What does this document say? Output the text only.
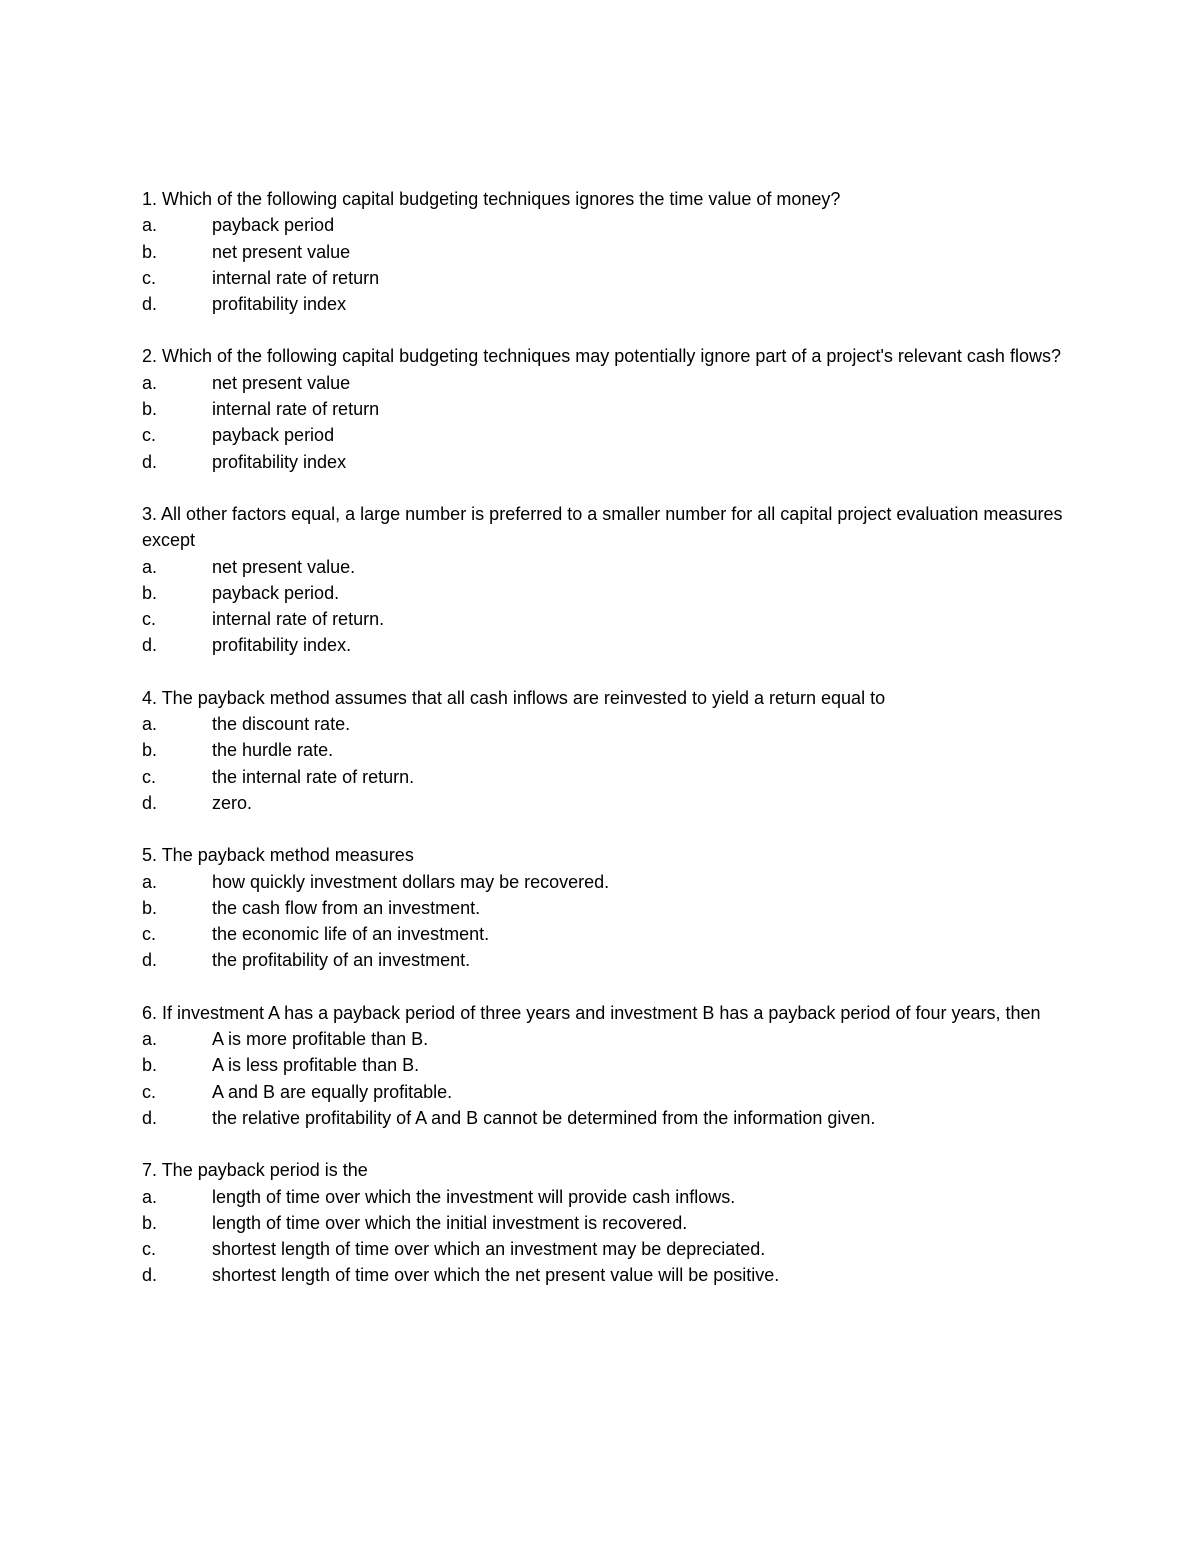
1. Which of the following capital budgeting techniques ignores the time value of money?

a.	payback period
b.	net present value
c.	internal rate of return
d.	profitability index

2. Which of the following capital budgeting techniques may potentially ignore part of a project's relevant cash flows?

a.	net present value
b.	internal rate of return
c.	payback period
d.	profitability index

3. All other factors equal, a large number is preferred to a smaller number for all capital project evaluation measures except

a.	net present value.
b.	payback period.
c.	internal rate of return.
d.	profitability index.

4. The payback method assumes that all cash inflows are reinvested to yield a return equal to

a.	the discount rate.
b.	the hurdle rate.
c.	the internal rate of return.
d.	zero.

5. The payback method measures

a.	how quickly investment dollars may be recovered.
b.	the cash flow from an investment.
c.	the economic life of an investment.
d.	the profitability of an investment.

6. If investment A has a payback period of three years and investment B has a payback period of four years, then

a.	A is more profitable than B.
b.	A is less profitable than B.
c.	A and B are equally profitable.
d.	the relative profitability of A and B cannot be determined from the information given.

7. The payback period is the

a.	length of time over which the investment will provide cash inflows.
b.	length of time over which the initial investment is recovered.
c.	shortest length of time over which an investment may be depreciated.
d.	shortest length of time over which the net present value will be positive.
